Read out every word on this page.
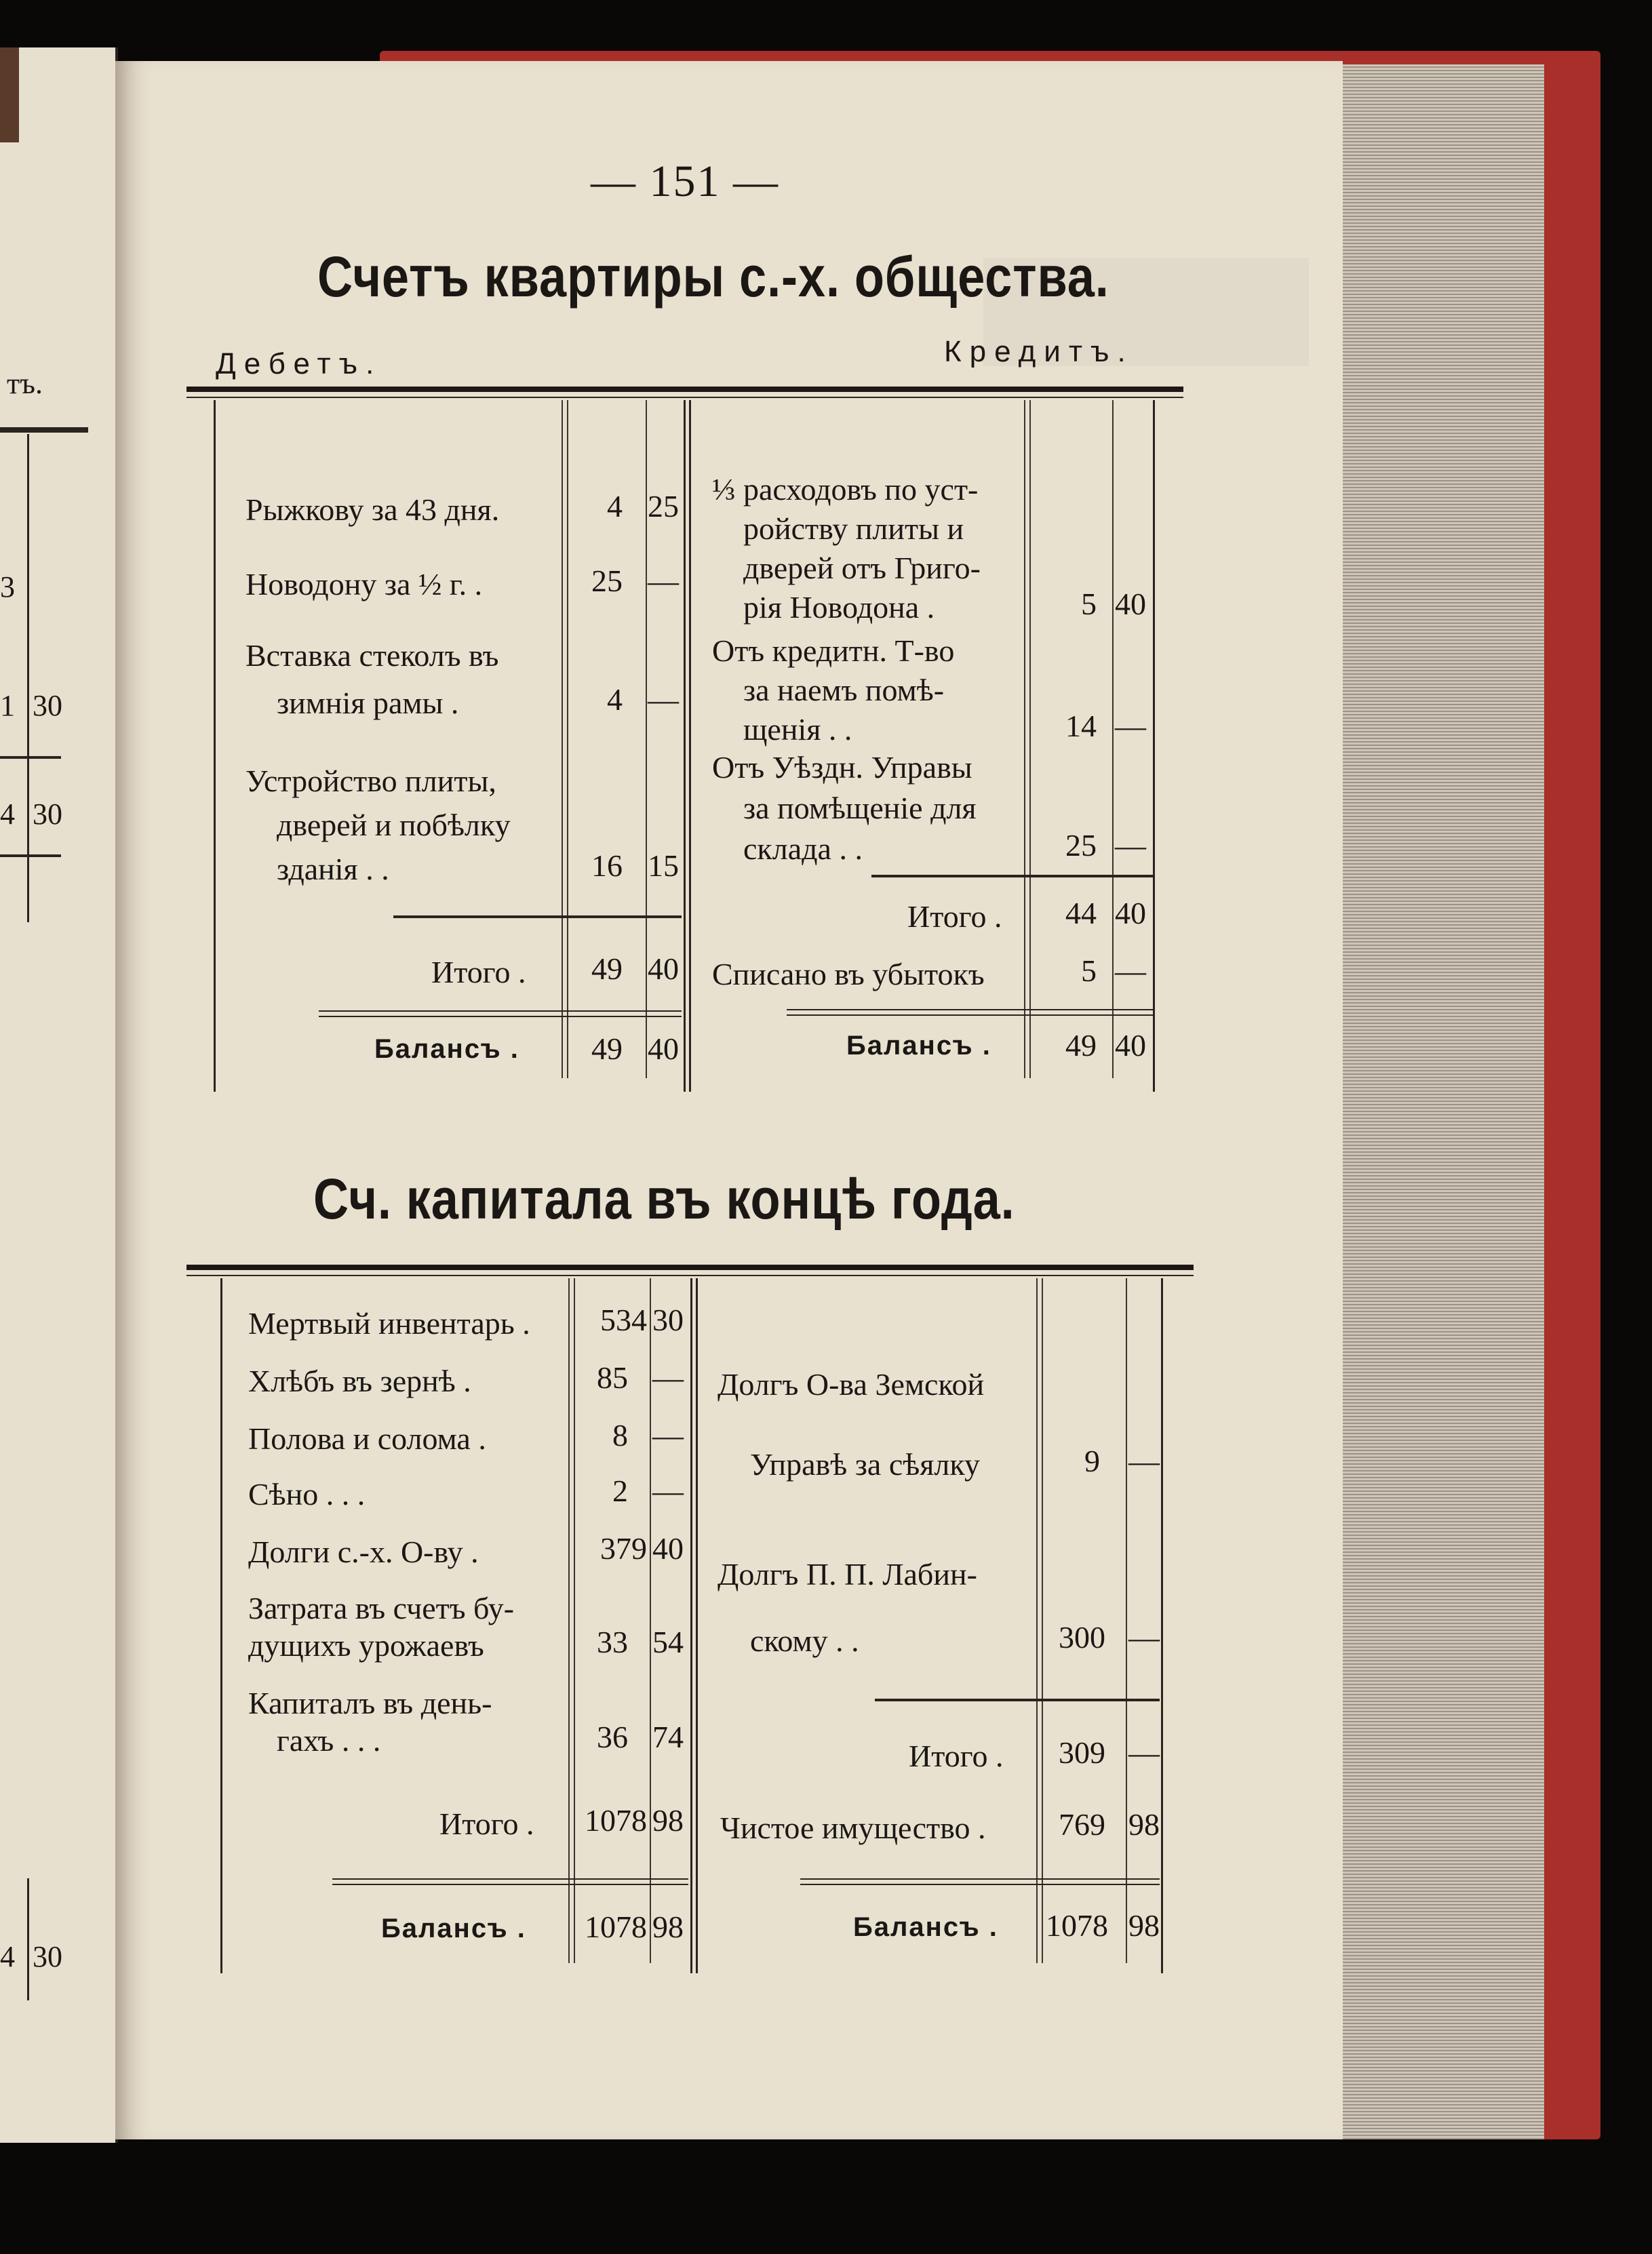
тъ.
3
1 30
4 30
4 30
— 151 —
Счетъ квартиры с.-х. общества.
Дебетъ.	Кредитъ.
Рыжкову за 43 дня.	4 25
Новодону за ½ г. .	25 —
Вставка стеколъ въ
зимнія рамы .	4 —
Устройство плиты,
дверей и побѣлку
зданія . .	16 15
Итого .	49 40
Балансъ .	49 40
⅓ расходовъ по уст-
ройству плиты и
дверей отъ Григо-
рія Новодона .	5 40
Отъ кредитн. Т-во
за наемъ помѣ-
щенія . .	14 —
Отъ Уѣздн. Управы
за помѣщеніе для
склада . .	25 —
Итого .	44 40
Списано въ убытокъ	5 —
Балансъ .	49 40
Сч. капитала въ концѣ года.
Мертвый инвентарь .	534 30
Хлѣбъ въ зернѣ .	85 —
Полова и солома .	8 —
Сѣно . . .	2 —
Долги с.-х. О-ву .	379 40
Затрата въ счетъ бу-
дущихъ урожаевъ	33 54
Капиталъ въ день-
гахъ . . .	36 74
Итого .	1078 98
Балансъ .	1078 98
Долгъ О-ва Земской
Управѣ за сѣялку	9 —
Долгъ П. П. Лабин-
скому . .	300 —
Итого .	309 —
Чистое имущество .	769 98
Балансъ . 1078 98
